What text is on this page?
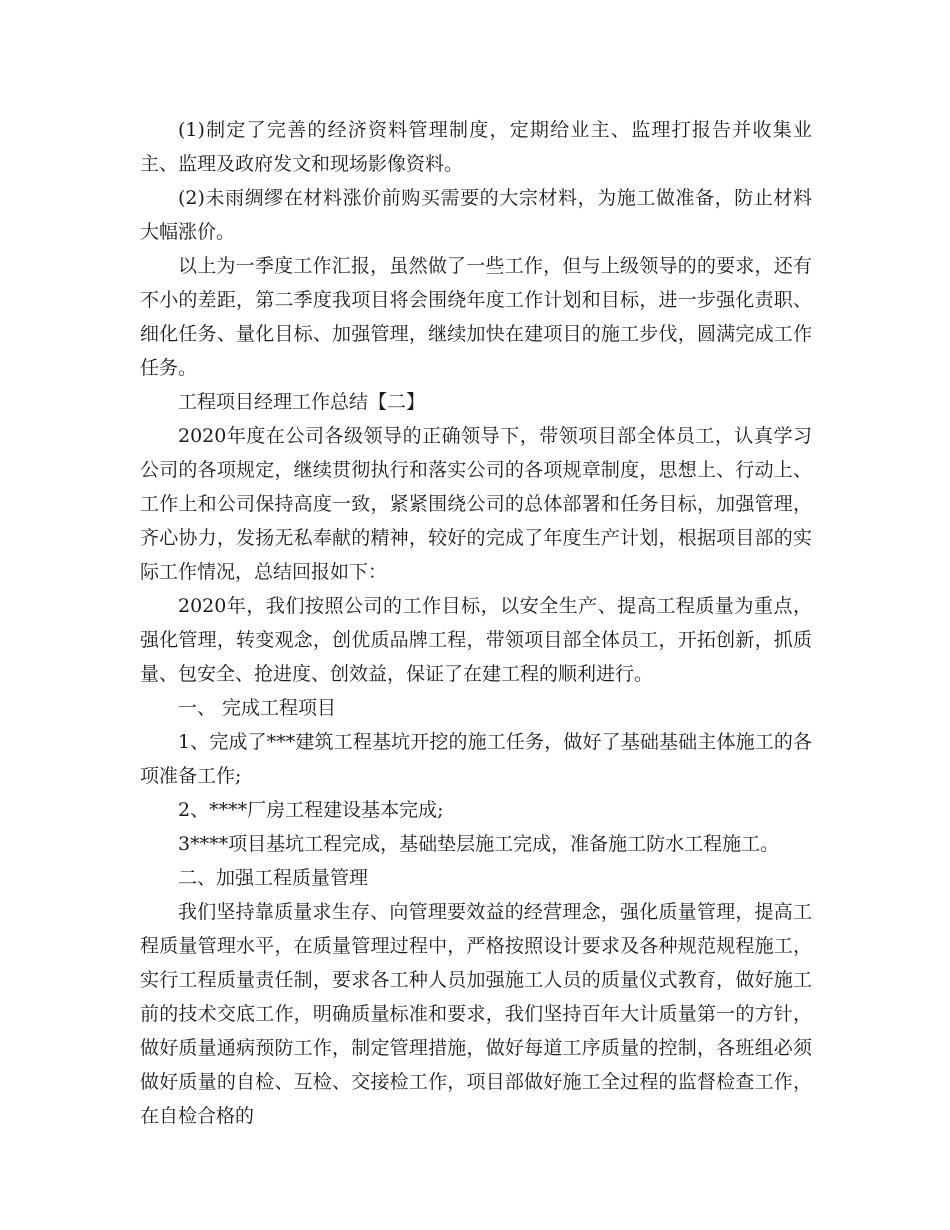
(1)制定了完善的经济资料管理制度，定期给业主、监理打报告并收集业主、监理及政府发文和现场影像资料。

(2)未雨绸缪在材料涨价前购买需要的大宗材料，为施工做准备，防止材料大幅涨价。

以上为一季度工作汇报，虽然做了一些工作，但与上级领导的的要求，还有不小的差距，第二季度我项目将会围绕年度工作计划和目标，进一步强化责职、细化任务、量化目标、加强管理，继续加快在建项目的施工步伐，圆满完成工作任务。

工程项目经理工作总结【二】

2020年度在公司各级领导的正确领导下，带领项目部全体员工，认真学习公司的各项规定，继续贯彻执行和落实公司的各项规章制度，思想上、行动上、工作上和公司保持高度一致，紧紧围绕公司的总体部署和任务目标，加强管理，齐心协力，发扬无私奉献的精神，较好的完成了年度生产计划，根据项目部的实际工作情况，总结回报如下：

2020年，我们按照公司的工作目标，以安全生产、提高工程质量为重点，强化管理，转变观念，创优质品牌工程，带领项目部全体员工，开拓创新，抓质量、包安全、抢进度、创效益，保证了在建工程的顺利进行。

一、 完成工程项目

1、完成了***建筑工程基坑开挖的施工任务，做好了基础基础主体施工的各项准备工作;

2、****厂房工程建设基本完成;

3****项目基坑工程完成，基础垫层施工完成，准备施工防水工程施工。

二、加强工程质量管理

我们坚持靠质量求生存、向管理要效益的经营理念，强化质量管理，提高工程质量管理水平，在质量管理过程中，严格按照设计要求及各种规范规程施工，实行工程质量责任制，要求各工种人员加强施工人员的质量仪式教育，做好施工前的技术交底工作，明确质量标准和要求，我们坚持百年大计质量第一的方针，做好质量通病预防工作，制定管理措施，做好每道工序质量的控制，各班组必须做好质量的自检、互检、交接检工作，项目部做好施工全过程的监督检查工作，在自检合格的
